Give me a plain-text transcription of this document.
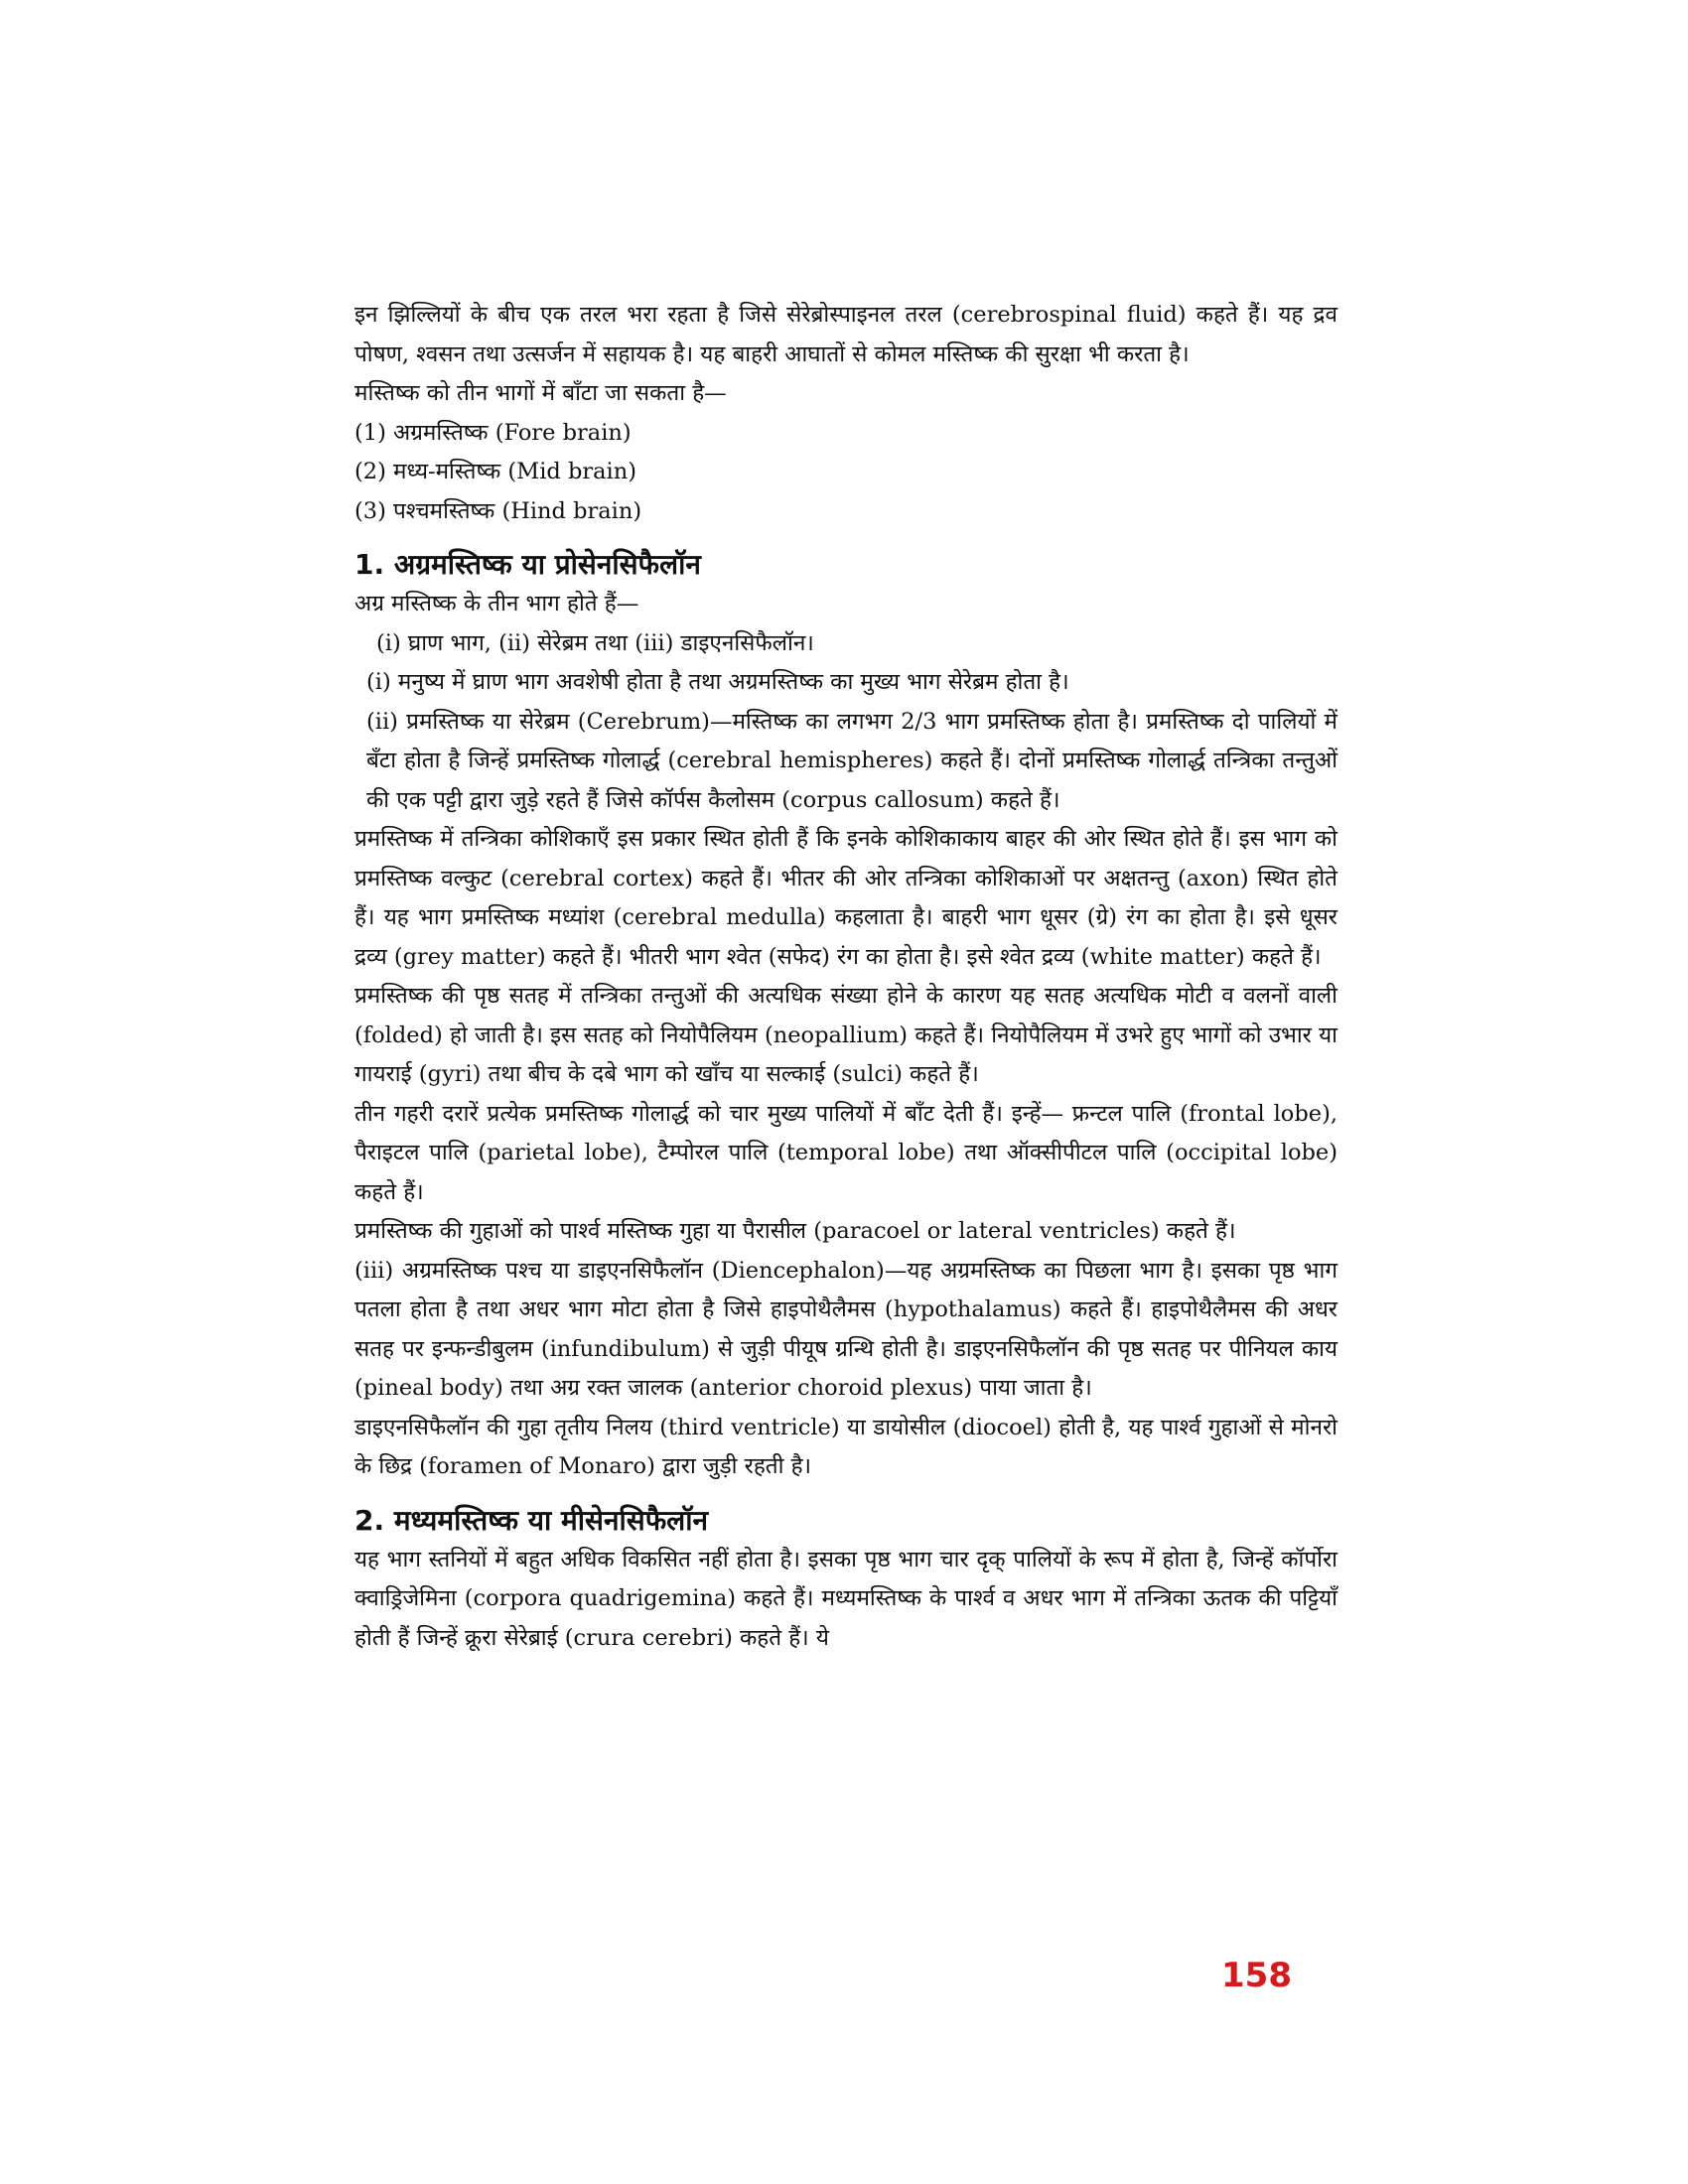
इन झिल्लियों के बीच एक तरल भरा रहता है जिसे सेरेब्रोस्पाइनल तरल (cerebrospinal fluid) कहते हैं। यह द्रव पोषण, श्वसन तथा उत्सर्जन में सहायक है। यह बाहरी आघातों से कोमल मस्तिष्क की सुरक्षा भी करता है।

मस्तिष्क को तीन भागों में बाँटा जा सकता है—

(1) अग्रमस्तिष्क (Fore brain)
(2) मध्य-मस्तिष्क (Mid brain)
(3) पश्चमस्तिष्क (Hind brain)
1. अग्रमस्तिष्क या प्रोसेनसिफैलॉन

अग्र मस्तिष्क के तीन भाग होते हैं—

(i) घ्राण भाग, (ii) सेरेब्रम तथा (iii) डाइएनसिफैलॉन।

(i) मनुष्य में घ्राण भाग अवशेषी होता है तथा अग्रमस्तिष्क का मुख्य भाग सेरेब्रम होता है।

(ii) प्रमस्तिष्क या सेरेब्रम (Cerebrum)—मस्तिष्क का लगभग 2/3 भाग प्रमस्तिष्क होता है। प्रमस्तिष्क दो पालियों में बँटा होता है जिन्हें प्रमस्तिष्क गोलार्द्ध (cerebral hemispheres) कहते हैं। दोनों प्रमस्तिष्क गोलार्द्ध तन्त्रिका तन्तुओं की एक पट्टी द्वारा जुड़े रहते हैं जिसे कॉर्पस कैलोसम (corpus callosum) कहते हैं।

प्रमस्तिष्क में तन्त्रिका कोशिकाएँ इस प्रकार स्थित होती हैं कि इनके कोशिकाकाय बाहर की ओर स्थित होते हैं। इस भाग को प्रमस्तिष्क वल्कुट (cerebral cortex) कहते हैं। भीतर की ओर तन्त्रिका कोशिकाओं पर अक्षतन्तु (axon) स्थित होते हैं। यह भाग प्रमस्तिष्क मध्यांश (cerebral medulla) कहलाता है। बाहरी भाग धूसर (ग्रे) रंग का होता है। इसे धूसर द्रव्य (grey matter) कहते हैं। भीतरी भाग श्वेत (सफेद) रंग का होता है। इसे श्वेत द्रव्य (white matter) कहते हैं।

प्रमस्तिष्क की पृष्ठ सतह में तन्त्रिका तन्तुओं की अत्यधिक संख्या होने के कारण यह सतह अत्यधिक मोटी व वलनों वाली (folded) हो जाती है। इस सतह को नियोपैलियम (neopallium) कहते हैं। नियोपैलियम में उभरे हुए भागों को उभार या गायराई (gyri) तथा बीच के दबे भाग को खाँच या सल्काई (sulci) कहते हैं।

तीन गहरी दरारें प्रत्येक प्रमस्तिष्क गोलार्द्ध को चार मुख्य पालियों में बाँट देती हैं। इन्हें— फ्रन्टल पालि (frontal lobe), पैराइटल पालि (parietal lobe), टैम्पोरल पालि (temporal lobe) तथा ऑक्सीपीटल पालि (occipital lobe) कहते हैं।

प्रमस्तिष्क की गुहाओं को पार्श्व मस्तिष्क गुहा या पैरासील (paracoel or lateral ventricles) कहते हैं।

(iii) अग्रमस्तिष्क पश्च या डाइएनसिफैलॉन (Diencephalon)—यह अग्रमस्तिष्क का पिछला भाग है। इसका पृष्ठ भाग पतला होता है तथा अधर भाग मोटा होता है जिसे हाइपोथैलैमस (hypothalamus) कहते हैं। हाइपोथैलैमस की अधर सतह पर इन्फन्डीबुलम (infundibulum) से जुड़ी पीयूष ग्रन्थि होती है। डाइएनसिफैलॉन की पृष्ठ सतह पर पीनियल काय (pineal body) तथा अग्र रक्त जालक (anterior choroid plexus) पाया जाता है।

डाइएनसिफैलॉन की गुहा तृतीय निलय (third ventricle) या डायोसील (diocoel) होती है, यह पार्श्व गुहाओं से मोनरो के छिद्र (foramen of Monaro) द्वारा जुड़ी रहती है।

2. मध्यमस्तिष्क या मीसेनसिफैलॉन

यह भाग स्तनियों में बहुत अधिक विकसित नहीं होता है। इसका पृष्ठ भाग चार दृक् पालियों के रूप में होता है, जिन्हें कॉर्पोरा क्वाड्रिजेमिना (corpora quadrigemina) कहते हैं। मध्यमस्तिष्क के पार्श्व व अधर भाग में तन्त्रिका ऊतक की पट्टियाँ होती हैं जिन्हें क्रूरा सेरेब्राई (crura cerebri) कहते हैं। ये

158
